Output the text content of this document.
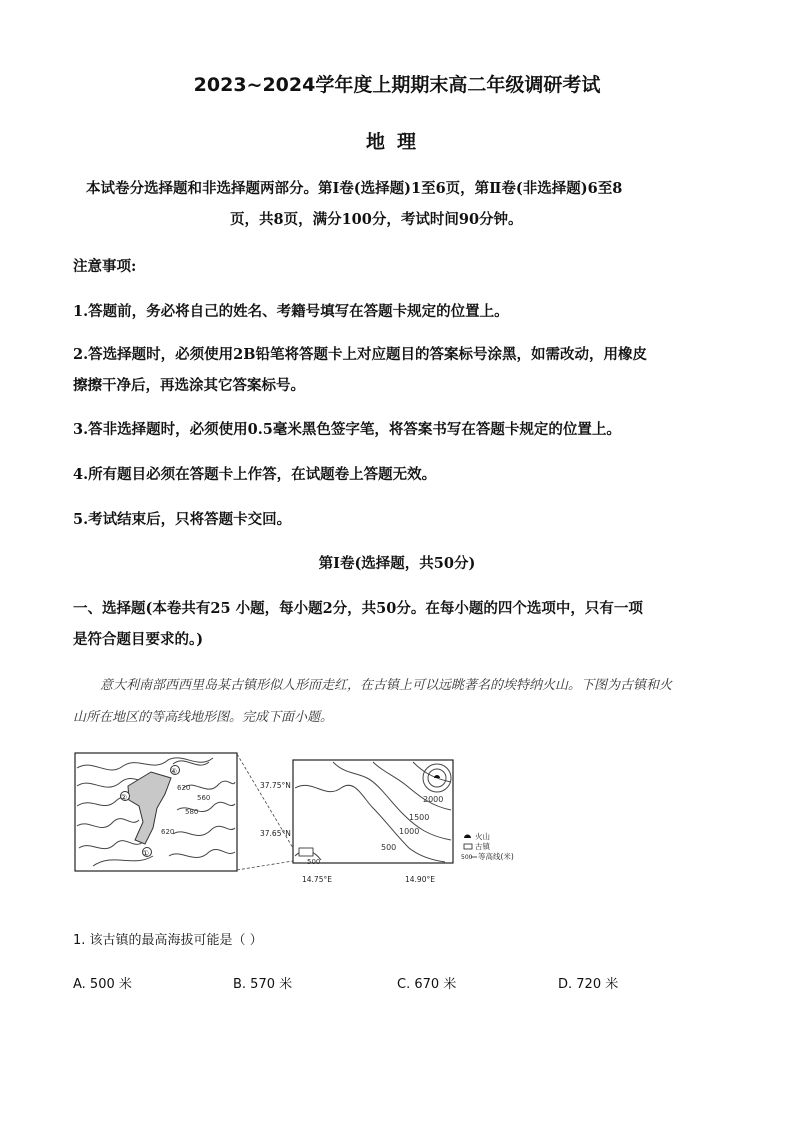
2023~2024学年度上期期末高二年级调研考试
地理
本试卷分选择题和非选择题两部分。第Ⅰ卷(选择题)1至6页，第Ⅱ卷(非选择题)6至8
页，共8页，满分100分，考试时间90分钟。
注意事项:
1.答题前，务必将自己的姓名、考籍号填写在答题卡规定的位置上。
2.答选择题时，必须使用2B铅笔将答题卡上对应题目的答案标号涂黑，如需改动，用橡皮
擦擦干净后，再选涂其它答案标号。
3.答非选择题时，必须使用0.5毫米黑色签字笔，将答案书写在答题卡规定的位置上。
4.所有题目必须在答题卡上作答，在试题卷上答题无效。
5.考试结束后，只将答题卡交回。
第Ⅰ卷(选择题，共50分)
一、选择题(本卷共有25 小题，每小题2分，共50分。在每小题的四个选项中，只有一项
是符合题目要求的。)
意大利南部西西里岛某古镇形似人形而走红，在古镇上可以远眺著名的埃特纳火山。下图为古镇和火
山所在地区的等高线地形图。完成下面小题。
④
②
①
620
560
620
580
2000
1500
1000
500
500
37.75°N
37.65°N
14.75°E	14.90°E
火山
古镇
500 等高线(米)
1. 该古镇的最高海拔可能是（ ）
A. 500 米	B. 570 米	C. 670 米	D. 720 米
